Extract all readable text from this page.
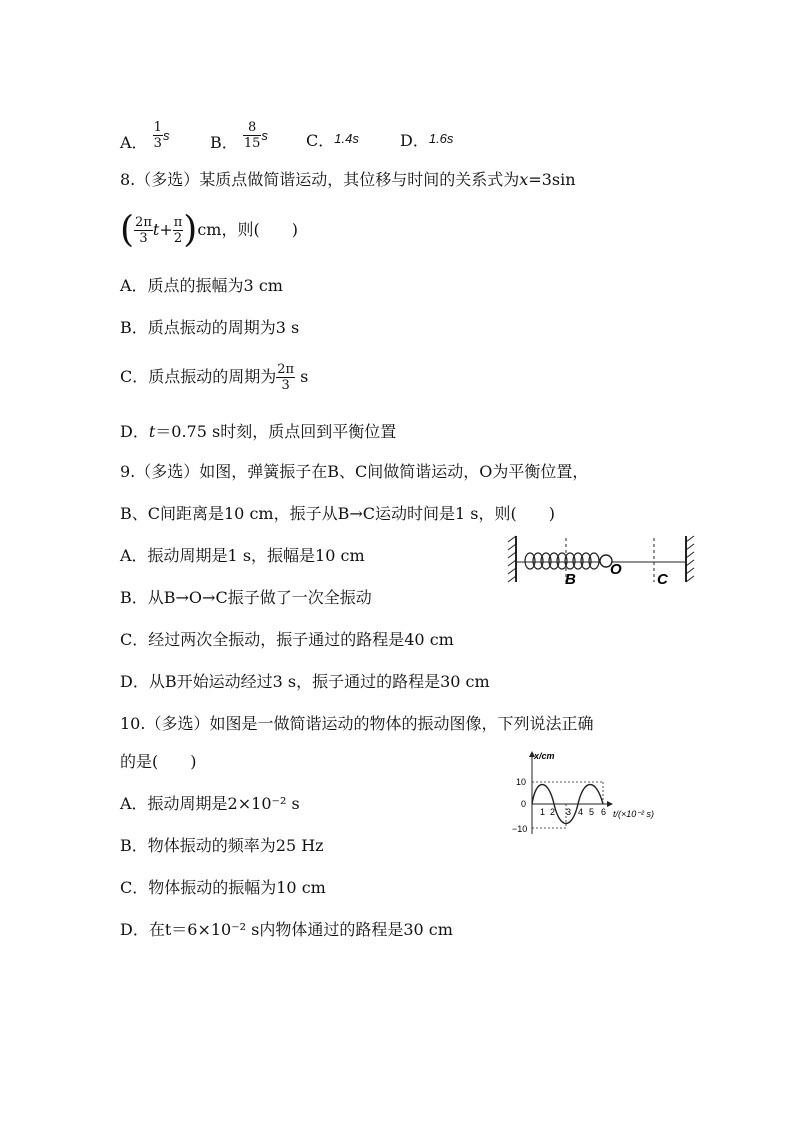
A． $\frac{1}{3} ^s$	B． $\frac{8}{15} ^s$ C．1.4s	D．1.6s
8.（多选）某质点做简谐运动，其位移与时间的关系式为x=3sin
( $\frac{2\pi}{3} t+ \frac{\pi}{2} )cm$，则(　　)
A．质点的振幅为3 cm
B．质点振动的周期为3 s
C．质点振动的周期为 $\frac{2\pi}{3}$ s
D．t＝0.75 s时刻，质点回到平衡位置
9.（多选）如图，弹簧振子在B、C间做简谐运动，O为平衡位置，
B、C间距离是10 cm，振子从B→C运动时间是1 s，则(　　)
A．振动周期是1 s，振幅是10 cm
B．从B→O→C振子做了一次全振动
C．经过两次全振动，振子通过的路程是40 cm
D．从B开始运动经过3 s，振子通过的路程是30 cm
B
O
C
10.（多选）如图是一做简谐运动的物体的振动图像，下列说法正确
的是(　　)
A．振动周期是2×10⁻² s
B．物体振动的频率为25 Hz
C．物体振动的振幅为10 cm
D．在t＝6×10⁻² s内物体通过的路程是30 cm
x/cm
t/(×10⁻² s)
10
0
−10
1 2 3 4 5 6
